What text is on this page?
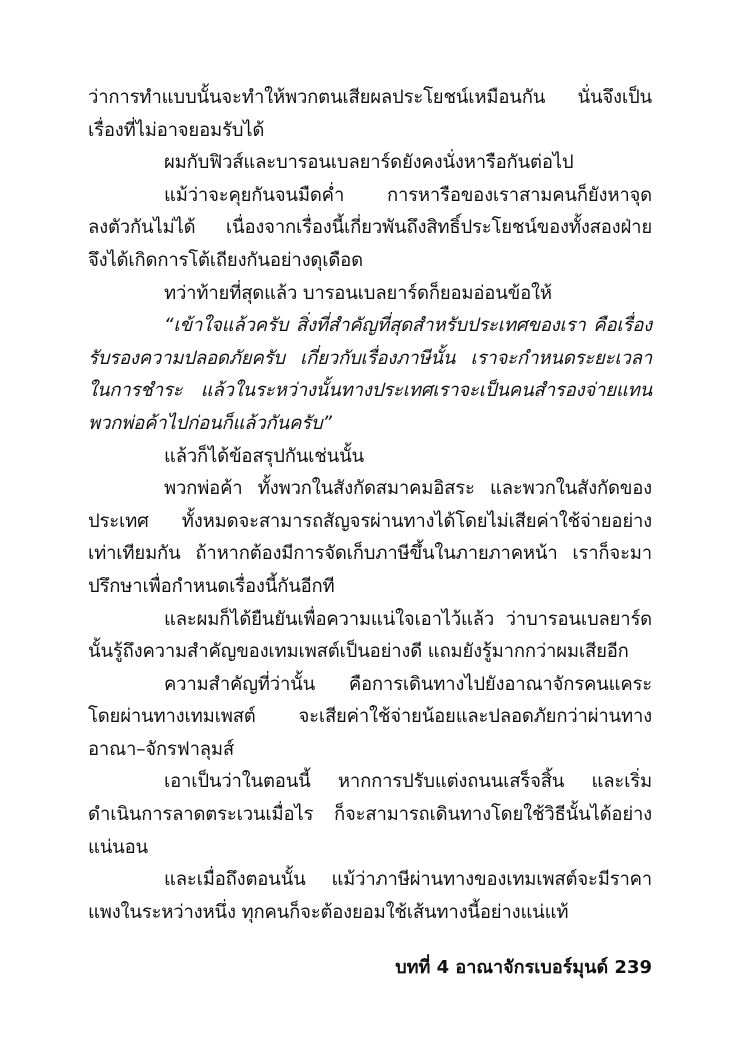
ว่าการทำแบบนั้นจะทำให้พวกตนเสียผลประโยชน์เหมือนกัน นั่นจึงเป็นเรื่องที่ไม่อาจยอมรับได้

ผมกับฟิวส์และบารอนเบลยาร์ดยังคงนั่งหารือกันต่อไป

แม้ว่าจะคุยกันจนมืดค่ำ การหารือของเราสามคนก็ยังหาจุดลงตัวกันไม่ได้ เนื่องจากเรื่องนี้เกี่ยวพันถึงสิทธิ์ประโยชน์ของทั้งสองฝ่าย จึงได้เกิดการโต้เถียงกันอย่างดุเดือด

ทว่าท้ายที่สุดแล้ว บารอนเบลยาร์ดก็ยอมอ่อนข้อให้

“เข้าใจแล้วครับ สิ่งที่สำคัญที่สุดสำหรับประเทศของเรา คือเรื่องรับรองความปลอดภัยครับ เกี่ยวกับเรื่องภาษีนั้น เราจะกำหนดระยะเวลาในการชำระ แล้วในระหว่างนั้นทางประเทศเราจะเป็นคนสำรองจ่ายแทนพวกพ่อค้าไปก่อนก็แล้วกันครับ”

แล้วก็ได้ข้อสรุปกันเช่นนั้น

พวกพ่อค้า ทั้งพวกในสังกัดสมาคมอิสระ และพวกในสังกัดของประเทศ ทั้งหมดจะสามารถสัญจรผ่านทางได้โดยไม่เสียค่าใช้จ่ายอย่างเท่าเทียมกัน ถ้าหากต้องมีการจัดเก็บภาษีขึ้นในภายภาคหน้า เราก็จะมาปรึกษาเพื่อกำหนดเรื่องนี้กันอีกที

และผมก็ได้ยืนยันเพื่อความแน่ใจเอาไว้แล้ว ว่าบารอนเบลยาร์ดนั้นรู้ถึงความสำคัญของเทมเพสต์เป็นอย่างดี แถมยังรู้มากกว่าผมเสียอีก

ความสำคัญที่ว่านั้น คือการเดินทางไปยังอาณาจักรคนแคระโดยผ่านทางเทมเพสต์ จะเสียค่าใช้จ่ายน้อยและปลอดภัยกว่าผ่านทางอาณา–จักรฟาลุมส์

เอาเป็นว่าในตอนนี้ หากการปรับแต่งถนนเสร็จสิ้น และเริ่มดำเนินการลาดตระเวนเมื่อไร ก็จะสามารถเดินทางโดยใช้วิธีนั้นได้อย่างแน่นอน

และเมื่อถึงตอนนั้น แม้ว่าภาษีผ่านทางของเทมเพสต์จะมีราคาแพงในระหว่างหนึ่ง ทุกคนก็จะต้องยอมใช้เส้นทางนี้อย่างแน่แท้

บทที่ 4 อาณาจักรเบอร์มุนด์ 239
